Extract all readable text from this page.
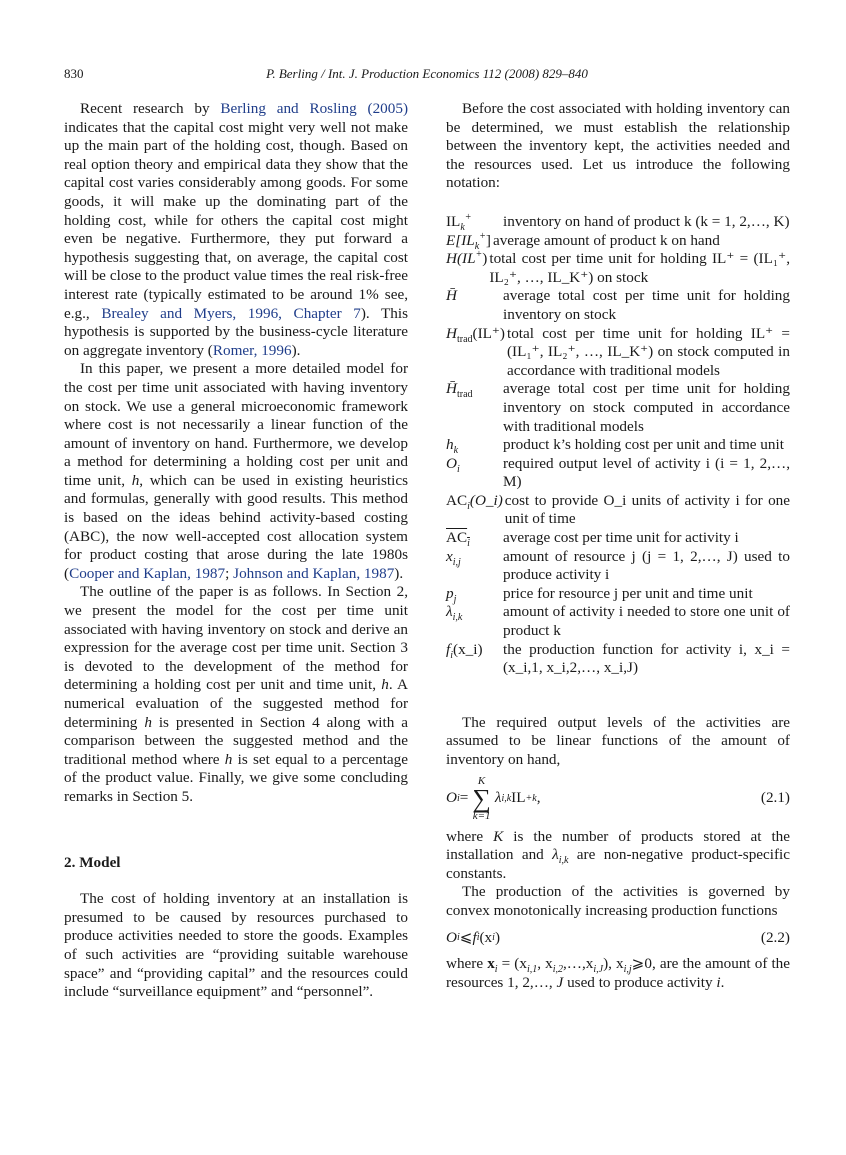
830	P. Berling / Int. J. Production Economics 112 (2008) 829–840

Recent research by Berling and Rosling (2005) indicates that the capital cost might very well not make up the main part of the holding cost, though. Based on real option theory and empirical data they show that the capital cost varies considerably among goods. For some goods, it will make up the dominating part of the holding cost, while for others the capital cost might even be negative. Furthermore, they put forward a hypothesis suggesting that, on average, the capital cost will be close to the product value times the real risk-free interest rate (typically estimated to be around 1% see, e.g., Brealey and Myers, 1996, Chapter 7). This hypothesis is supported by the business-cycle literature on aggregate inventory (Romer, 1996).

In this paper, we present a more detailed model for the cost per time unit associated with having inventory on stock. We use a general microeconomic framework where cost is not necessarily a linear function of the amount of inventory on hand. Furthermore, we develop a method for determining a holding cost per unit and time unit, h, which can be used in existing heuristics and formulas, generally with good results. This method is based on the ideas behind activity-based costing (ABC), the now well-accepted cost allocation system for product costing that arose during the late 1980s (Cooper and Kaplan, 1987; Johnson and Kaplan, 1987).

The outline of the paper is as follows. In Section 2, we present the model for the cost per time unit associated with having inventory on stock and derive an expression for the average cost per time unit. Section 3 is devoted to the development of the method for determining a holding cost per unit and time unit, h. A numerical evaluation of the suggested method for determining h is presented in Section 4 along with a comparison between the suggested method and the traditional method where h is set equal to a percentage of the product value. Finally, we give some concluding remarks in Section 5.

2. Model

The cost of holding inventory at an installation is presumed to be caused by resources purchased to produce activities needed to store the goods. Examples of such activities are “providing suitable warehouse space” and “providing capital” and the resources could include “surveillance equipment” and “personnel”.

Before the cost associated with holding inventory can be determined, we must establish the relationship between the inventory kept, the activities needed and the resources used. Let us introduce the following notation:

$IL_k^+$	inventory on hand of product k (k = 1, 2,…, K)
$E[IL_k^+]$ average amount of product k on hand
H(IL+) total cost per time unit for holding IL⁺ = (IL₁⁺, IL₂⁺, …, IL_K⁺) on stock
H̄	average total cost per time unit for holding inventory on stock
$H_{trad}(IL^+)$ total cost per time unit for holding IL⁺ = (IL₁⁺, IL₂⁺, …, IL_K⁺) on stock computed in accordance with traditional models
$H̄_{trad}$	average total cost per time unit for holding inventory on stock computed in accordance with traditional models
$h_k$	product k’s holding cost per unit and time unit
$O_i$	required output level of activity i (i = 1, 2,…, M)
$AC_i(O\_i)$ cost to provide O_i units of activity i for one unit of time
$\overline{AC}_{\overline{i}}$	average cost per time unit for activity i
$x_{i,j}$	amount of resource j (j = 1, 2,…, J) used to produce activity i
$p_j$	price for resource j per unit and time unit
$\lambda_{i,k}$	amount of activity i needed to store one unit of product k
$f_i(x\_i)$	the production function for activity i, x_i = (x_i,1, x_i,2,…, x_i,J)

The required output levels of the activities are assumed to be linear functions of the amount of inventory on hand,

O i =
K
∑
k=1
λ i,k IL + k ,	(2.1)

where K is the number of products stored at the installation and $\lambda_{i,k}$ are non-negative product-specific constants.

The production of the activities is governed by convex monotonically increasing production functions

O i ⩽ f i (x i )	(2.2)

where $x_i = (x_{i,1}$, $x_{i,2},\dots,x_{i,J}$), $x_{i,j}⩾0$, are the amount of the resources 1, 2,…, J used to produce activity i.
